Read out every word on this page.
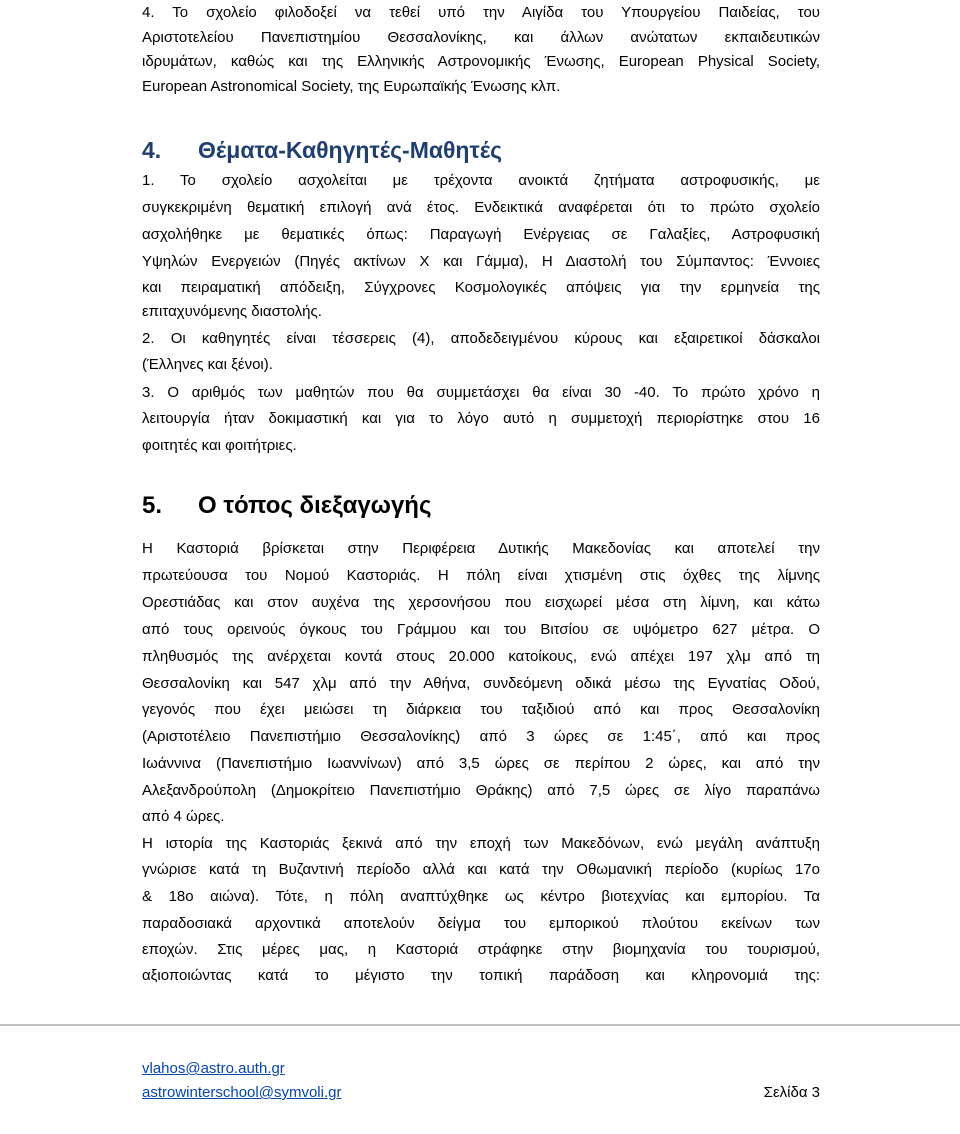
4. Το σχολείο φιλοδοξεί να τεθεί υπό την Αιγίδα του Υπουργείου Παιδείας, του

Αριστοτελείου Πανεπιστημίου Θεσσαλονίκης, και άλλων ανώτατων εκπαιδευτικών

ιδρυμάτων, καθώς και της Ελληνικής Αστρονομικής Ένωσης, European Physical Society,

European Astronomical Society, της Ευρωπαϊκής Ένωσης κλπ.

4. Θέματα-Καθηγητές-Μαθητές

1. Το σχολείο ασχολείται με τρέχοντα ανοικτά ζητήματα αστροφυσικής, με

συγκεκριμένη θεματική επιλογή ανά έτος. Ενδεικτικά αναφέρεται ότι το πρώτο σχολείο

ασχολήθηκε με θεματικές όπως: Παραγωγή Ενέργειας σε Γαλαξίες, Αστροφυσική

Υψηλών Ενεργειών (Πηγές ακτίνων Χ και Γάμμα), Η Διαστολή του Σύμπαντος: Έννοιες

και πειραματική απόδειξη, Σύγχρονες Κοσμολογικές απόψεις για την ερμηνεία της

επιταχυνόμενης διαστολής.

2. Οι καθηγητές είναι τέσσερεις (4), αποδεδειγμένου κύρους και εξαιρετικοί δάσκαλοι

(Έλληνες και ξένοι).

3. Ο αριθμός των μαθητών που θα συμμετάσχει θα είναι 30 -40. Το πρώτο χρόνο η

λειτουργία ήταν δοκιμαστική και για το λόγο αυτό η συμμετοχή περιορίστηκε στου 16

φοιτητές και φοιτήτριες.

5. Ο τόπος διεξαγωγής

Η Καστοριά βρίσκεται στην Περιφέρεια Δυτικής Μακεδονίας και αποτελεί την

πρωτεύουσα του Νομού Καστοριάς. Η πόλη είναι χτισμένη στις όχθες της λίμνης

Ορεστιάδας και στον αυχένα της χερσονήσου που εισχωρεί μέσα στη λίμνη, και κάτω

από τους ορεινούς όγκους του Γράμμου και του Βιτσίου σε υψόμετρο 627 μέτρα. Ο

πληθυσμός της ανέρχεται κοντά στους 20.000 κατοίκους, ενώ απέχει 197 χλμ από τη

Θεσσαλονίκη και 547 χλμ από την Αθήνα, συνδεόμενη οδικά μέσω της Εγνατίας Οδού,

γεγονός που έχει μειώσει τη διάρκεια του ταξιδιού από και προς Θεσσαλονίκη

(Αριστοτέλειο Πανεπιστήμιο Θεσσαλονίκης) από 3 ώρες σε 1:45΄, από και προς

Ιωάννινα (Πανεπιστήμιο Ιωαννίνων) από 3,5 ώρες σε περίπου 2 ώρες, και από την

Αλεξανδρούπολη (Δημοκρίτειο Πανεπιστήμιο Θράκης) από 7,5 ώρες σε λίγο παραπάνω

από 4 ώρες.

Η ιστορία της Καστοριάς ξεκινά από την εποχή των Μακεδόνων, ενώ μεγάλη ανάπτυξη

γνώρισε κατά τη Βυζαντινή περίοδο αλλά και κατά την Οθωμανική περίοδο (κυρίως 17ο

& 18ο αιώνα). Τότε, η πόλη αναπτύχθηκε ως κέντρο βιοτεχνίας και εμπορίου. Τα

παραδοσιακά αρχοντικά αποτελούν δείγμα του εμπορικού πλούτου εκείνων των

εποχών. Στις μέρες μας, η Καστοριά στράφηκε στην βιομηχανία του τουρισμού,

αξιοποιώντας κατά το μέγιστο την τοπική παράδοση και κληρονομιά της:

vlahos@astro.auth.gr
astrowinterschool@symvoli.gr	Σελίδα 3
